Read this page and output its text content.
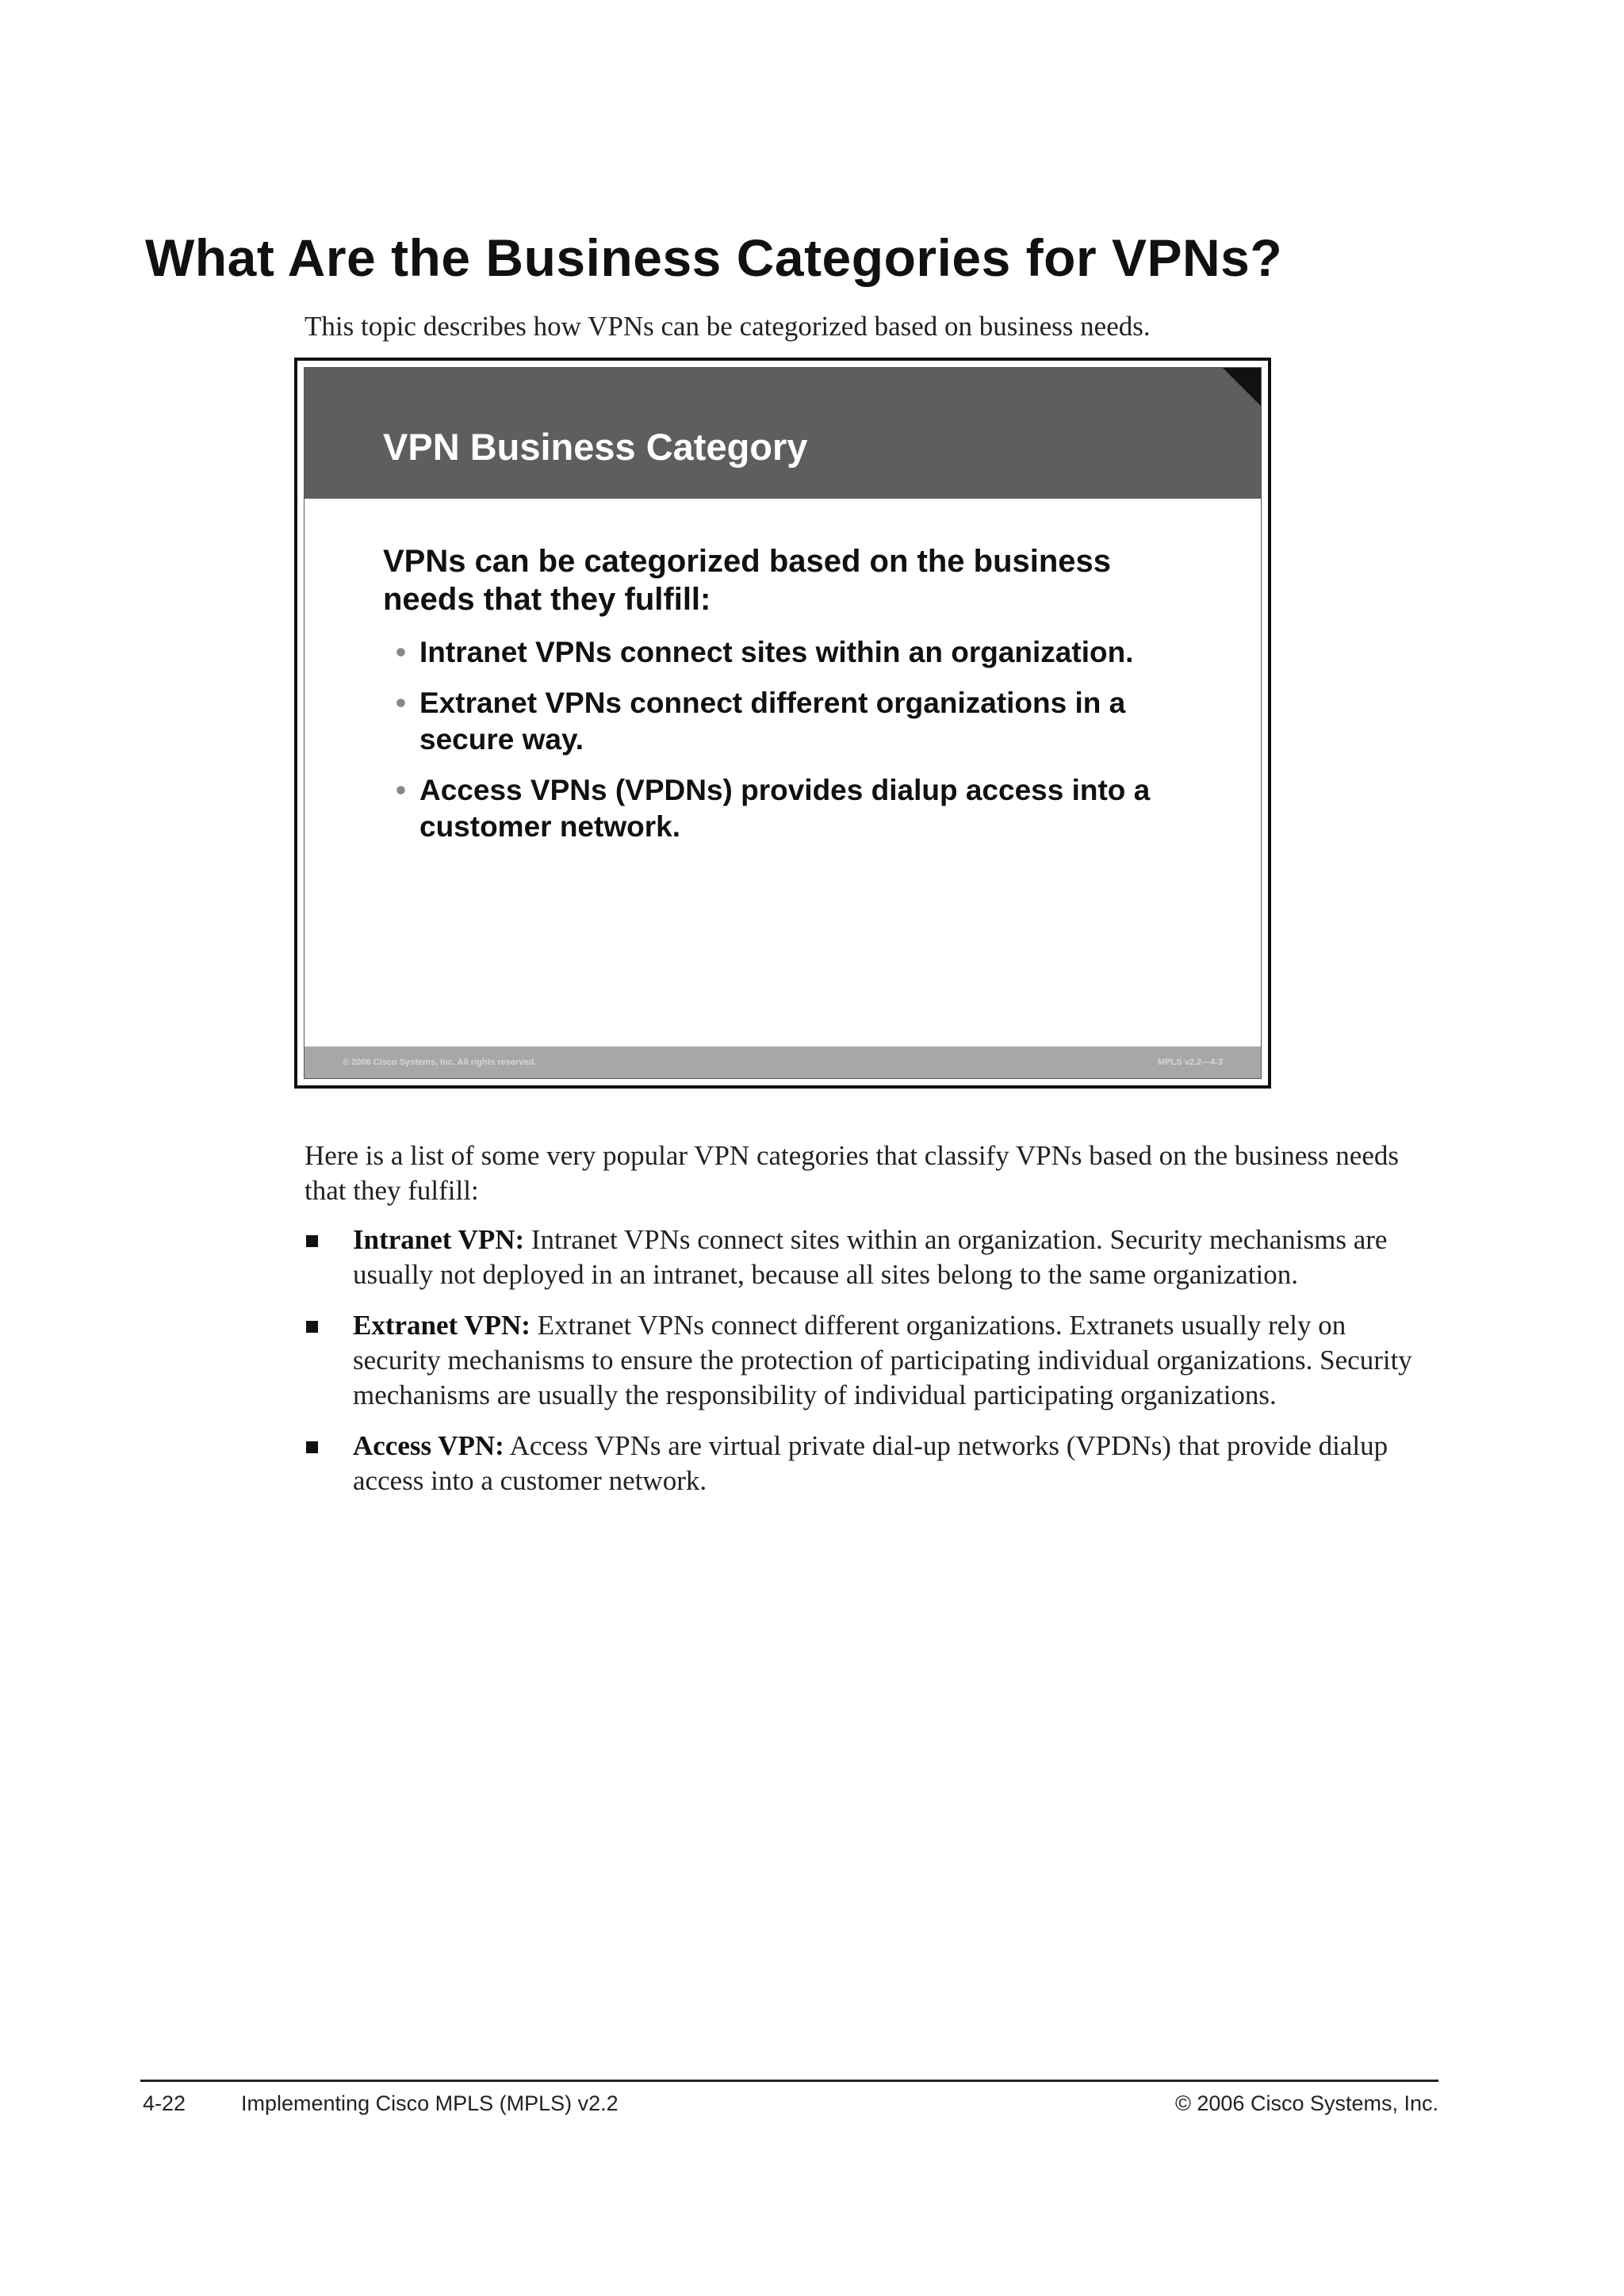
What Are the Business Categories for VPNs?

This topic describes how VPNs can be categorized based on business needs.

VPN Business Category
VPNs can be categorized based on the business needs that they fulfill:
• Intranet VPNs connect sites within an organization.
• Extranet VPNs connect different organizations in a secure way.
• Access VPNs (VPDNs) provides dialup access into a customer network.
© 2006 Cisco Systems, Inc. All rights reserved.	MPLS v2.2—4-3

Here is a list of some very popular VPN categories that classify VPNs based on the business needs that they fulfill:

Intranet VPN: Intranet VPNs connect sites within an organization. Security mechanisms are usually not deployed in an intranet, because all sites belong to the same organization.
Extranet VPN: Extranet VPNs connect different organizations. Extranets usually rely on security mechanisms to ensure the protection of participating individual organizations. Security mechanisms are usually the responsibility of individual participating organizations.
Access VPN: Access VPNs are virtual private dial-up networks (VPDNs) that provide dialup access into a customer network.
4-22	Implementing Cisco MPLS (MPLS) v2.2	© 2006 Cisco Systems, Inc.
